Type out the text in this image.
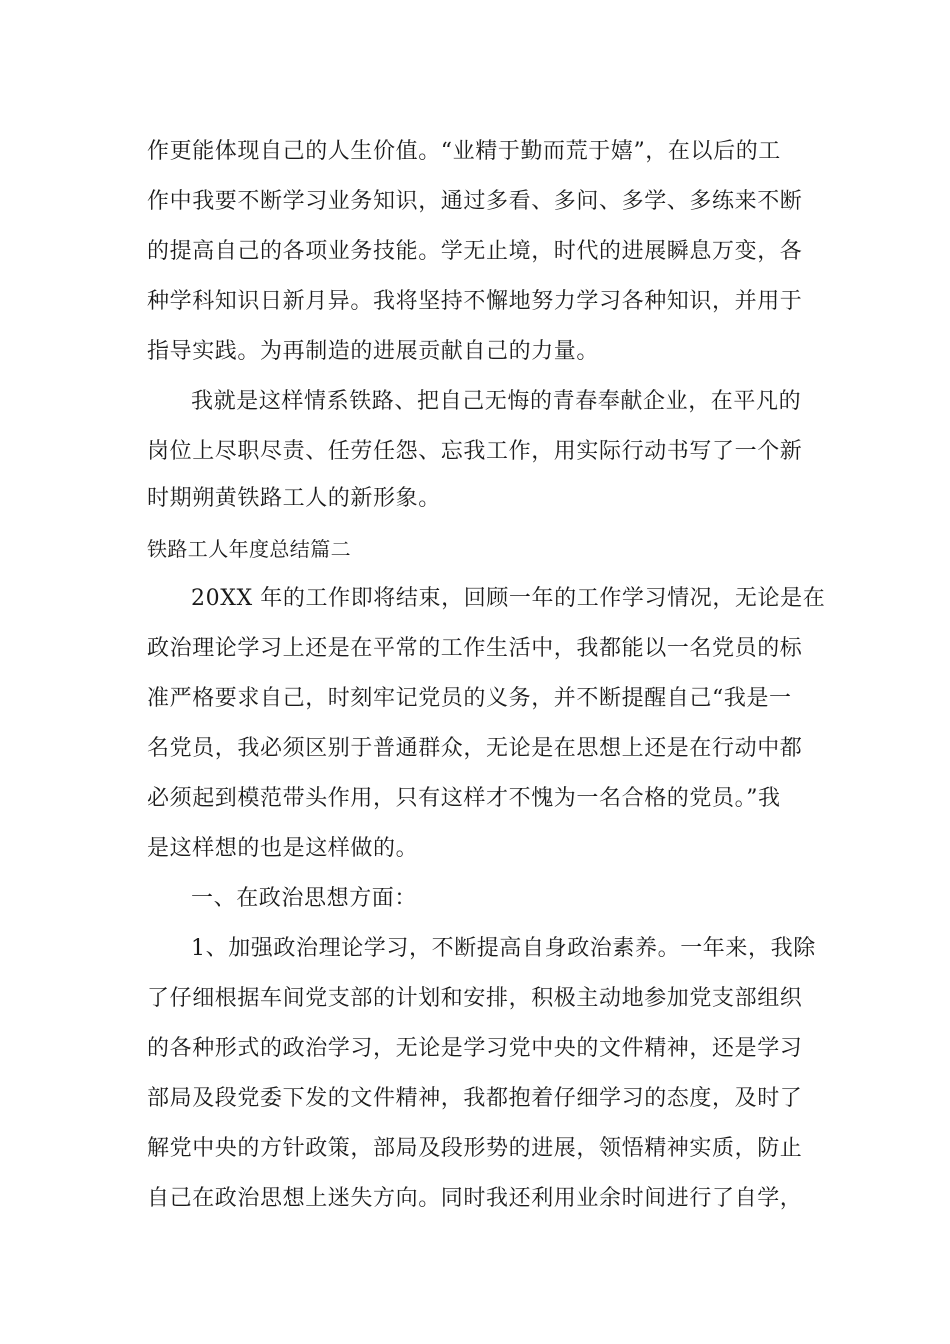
作更能体现自己的人生价值。“业精于勤而荒于嬉”，在以后的工
作中我要不断学习业务知识，通过多看、多问、多学、多练来不断
的提高自己的各项业务技能。学无止境，时代的进展瞬息万变，各
种学科知识日新月异。我将坚持不懈地努力学习各种知识，并用于
指导实践。为再制造的进展贡献自己的力量。
我就是这样情系铁路、把自己无悔的青春奉献企业，在平凡的
岗位上尽职尽责、任劳任怨、忘我工作，用实际行动书写了一个新
时期朔黄铁路工人的新形象。
铁路工人年度总结篇二
20XX 年的工作即将结束，回顾一年的工作学习情况，无论是在
政治理论学习上还是在平常的工作生活中，我都能以一名党员的标
准严格要求自己，时刻牢记党员的义务，并不断提醒自己“我是一
名党员，我必须区别于普通群众，无论是在思想上还是在行动中都
必须起到模范带头作用，只有这样才不愧为一名合格的党员。”我
是这样想的也是这样做的。
一、在政治思想方面：
1、加强政治理论学习，不断提高自身政治素养。一年来，我除
了仔细根据车间党支部的计划和安排，积极主动地参加党支部组织
的各种形式的政治学习，无论是学习党中央的文件精神，还是学习
部局及段党委下发的文件精神，我都抱着仔细学习的态度，及时了
解党中央的方针政策，部局及段形势的进展，领悟精神实质，防止
自己在政治思想上迷失方向。同时我还利用业余时间进行了自学，
